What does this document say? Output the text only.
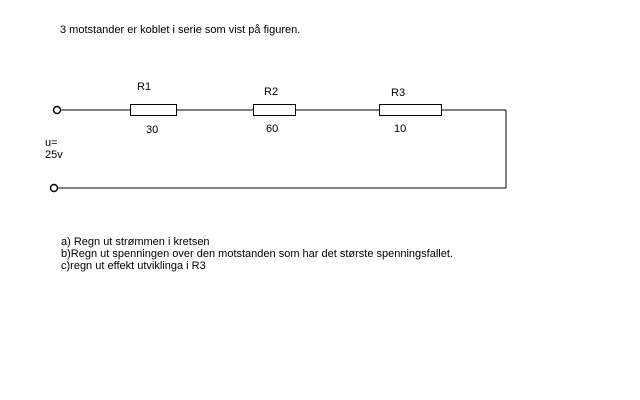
3 motstander er koblet i serie som vist på figuren.
R1	R2	R3
30	60	10
u=
25v
a) Regn ut strømmen i kretsen
b)Regn ut spenningen over den motstanden som har det største spenningsfallet.
c)regn ut effekt utviklinga i R3
